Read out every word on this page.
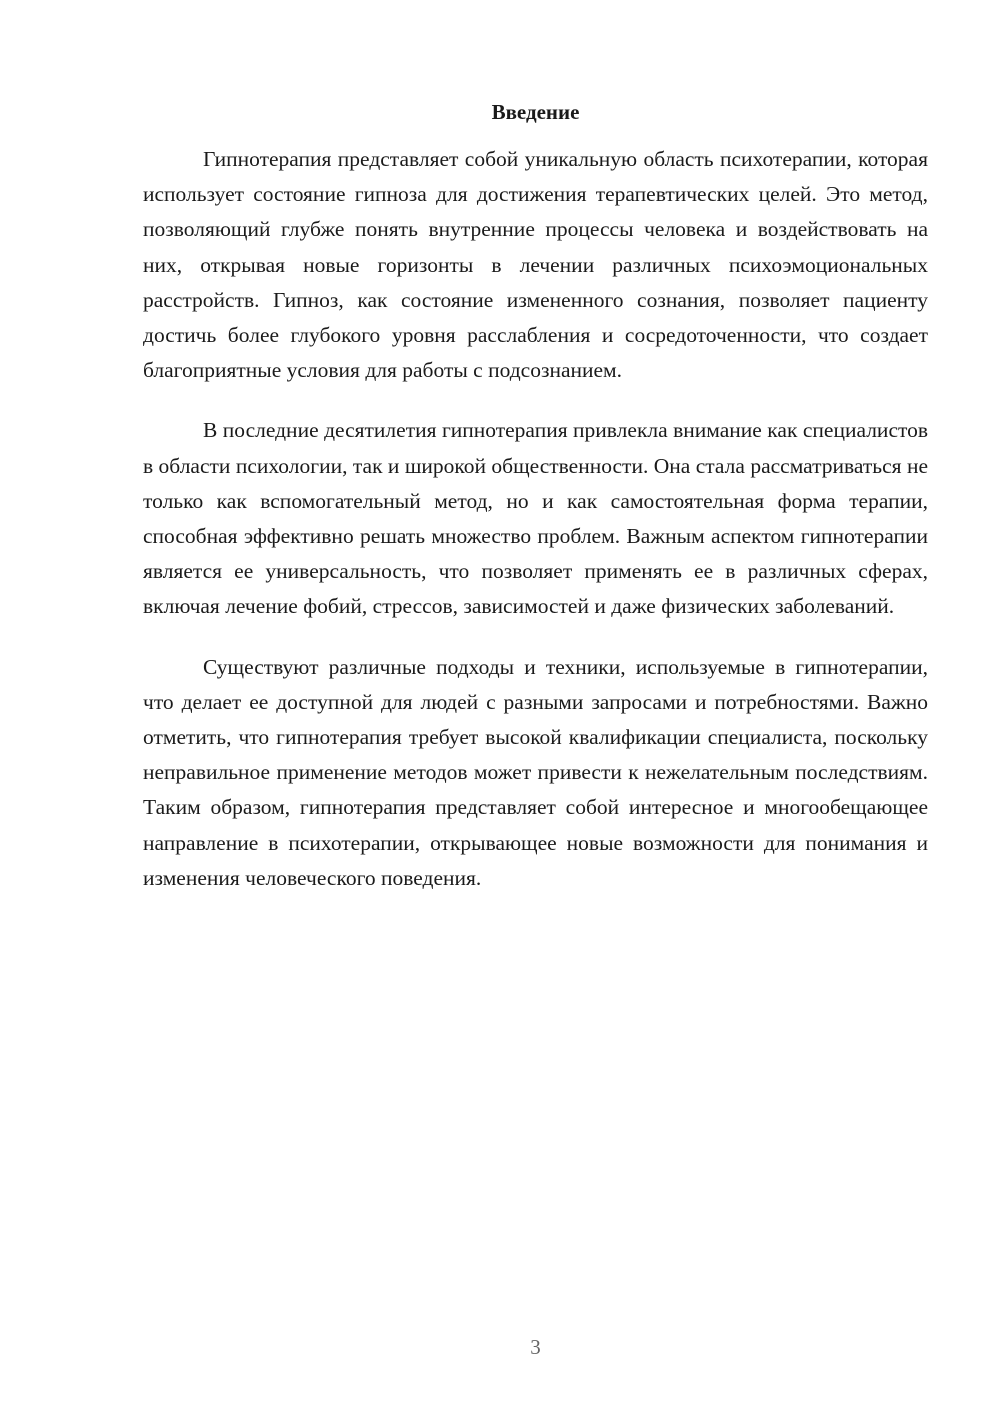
Введение

Гипнотерапия представляет собой уникальную область психотерапии, которая использует состояние гипноза для достижения терапевтических целей. Это метод, позволяющий глубже понять внутренние процессы человека и воздействовать на них, открывая новые горизонты в лечении различных психоэмоциональных расстройств. Гипноз, как состояние измененного сознания, позволяет пациенту достичь более глубокого уровня расслабления и сосредоточенности, что создает благоприятные условия для работы с подсознанием.

В последние десятилетия гипнотерапия привлекла внимание как специалистов в области психологии, так и широкой общественности. Она стала рассматриваться не только как вспомогательный метод, но и как самостоятельная форма терапии, способная эффективно решать множество проблем. Важным аспектом гипнотерапии является ее универсальность, что позволяет применять ее в различных сферах, включая лечение фобий, стрессов, зависимостей и даже физических заболеваний.

Существуют различные подходы и техники, используемые в гипнотерапии, что делает ее доступной для людей с разными запросами и потребностями. Важно отметить, что гипнотерапия требует высокой квалификации специалиста, поскольку неправильное применение методов может привести к нежелательным последствиям. Таким образом, гипнотерапия представляет собой интересное и многообещающее направление в психотерапии, открывающее новые возможности для понимания и изменения человеческого поведения.

3
